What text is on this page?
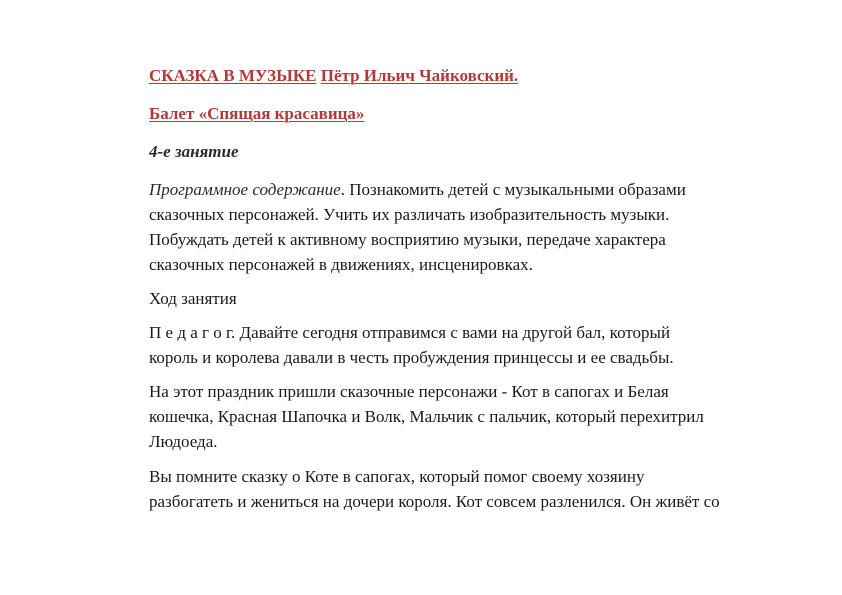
СКАЗКА В МУЗЫКЕ Пётр Ильич Чайковский.
Балет «Спящая красавица»
4-е занятие
Программное содержание. Познакомить детей с музыкальными образами
сказочных персонажей. Учить их различать изобразительность музыки.
Побуждать детей к активному восприятию музыки, передаче характера
сказочных персонажей в движениях, инсценировках.
Ход занятия
П е д а г о г. Давайте сегодня отправимся с вами на другой бал, который
король и королева давали в честь пробуждения принцессы и ее свадьбы.
На этот праздник пришли сказочные персонажи - Кот в сапогах и Белая
кошечка, Красная Шапочка и Волк, Мальчик с пальчик, который перехитрил
Людоеда.
Вы помните сказку о Коте в сапогах, который помог своему хозяину
разбогатеть и жениться на дочери короля. Кот совсем разленился. Он живёт со
